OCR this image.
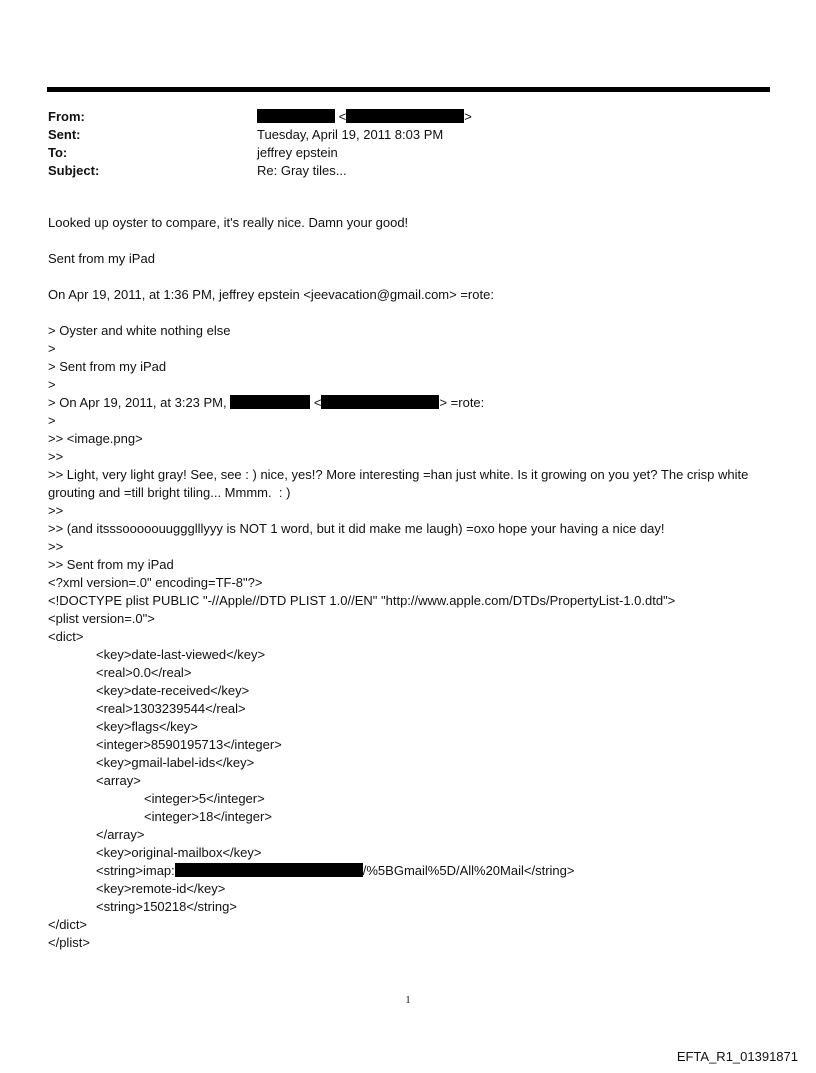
From:	<	>
Sent:	Tuesday, April 19, 2011 8:03 PM
To:	jeffrey epstein
Subject:	Re: Gray tiles...

Looked up oyster to compare, it's really nice. Damn your good!

Sent from my iPad

On Apr 19, 2011, at 1:36 PM, jeffrey epstein <jeevacation@gmail.com> =rote:

> Oyster and white nothing else

>

> Sent from my iPad

>

> On Apr 19, 2011, at 3:23 PM,	<	> =rote:

>

>> <image.png>

>>

>> Light, very light gray! See, see : ) nice, yes!? More interesting =han just white. Is it growing on you yet? The crisp white grouting and =till bright tiling... Mmmm.  : )

>>

>> (and itsssooooouuggglllyyy is NOT 1 word, but it did make me laugh) =oxo hope your having a nice day!

>>

>> Sent from my iPad

<?xml version=.0" encoding=TF-8"?>

<!DOCTYPE plist PUBLIC "-//Apple//DTD PLIST 1.0//EN" "http://www.apple.com/DTDs/PropertyList-1.0.dtd">

<plist version=.0">

<dict>

<key>date-last-viewed</key>

<real>0.0</real>

<key>date-received</key>

<real>1303239544</real>

<key>flags</key>

<integer>8590195713</integer>

<key>gmail-label-ids</key>

<array>

<integer>5</integer>

<integer>18</integer>

</array>

<key>original-mailbox</key>

<string>imap:	/%5BGmail%5D/All%20Mail</string>

<key>remote-id</key>

<string>150218</string>

</dict>

</plist>

1
EFTA_R1_01391871
